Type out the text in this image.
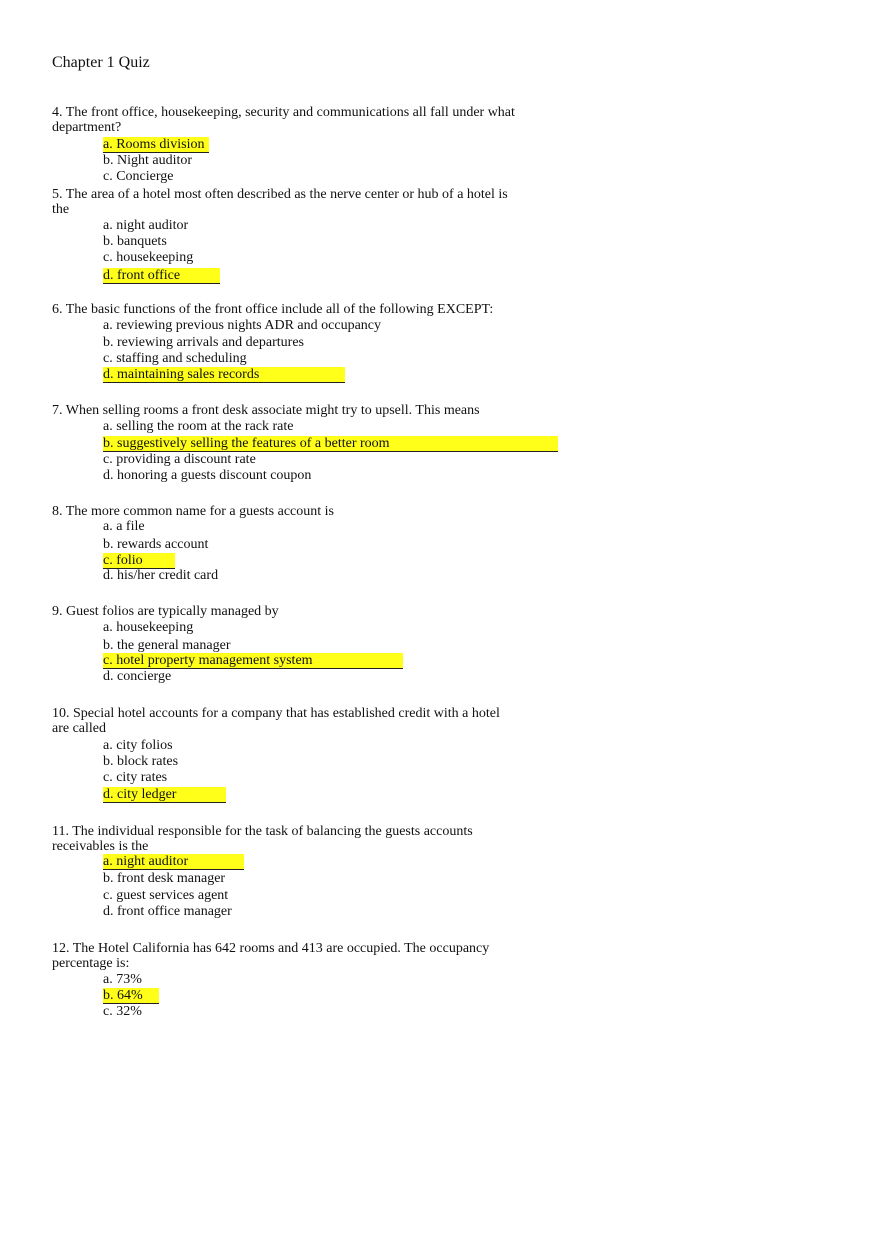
Chapter 1 Quiz
4. The front office, housekeeping, security and communications all fall under what
department?
a. Rooms division
b. Night auditor
c. Concierge
5. The area of a hotel most often described as the nerve center or hub of a hotel is
the
a. night auditor
b. banquets
c. housekeeping
d. front office
6. The basic functions of the front office include all of the following EXCEPT:
a. reviewing previous nights ADR and occupancy
b. reviewing arrivals and departures
c. staffing and scheduling
d. maintaining sales records
7. When selling rooms a front desk associate might try to upsell. This means
a. selling the room at the rack rate
b. suggestively selling the features of a better room
c. providing a discount rate
d. honoring a guests discount coupon
8. The more common name for a guests account is
a. a file
b. rewards account
c. folio
d. his/her credit card
9. Guest folios are typically managed by
a. housekeeping
b. the general manager
c. hotel property management system
d. concierge
10. Special hotel accounts for a company that has established credit with a hotel
are called
a. city folios
b. block rates
c. city rates
d. city ledger
11. The individual responsible for the task of balancing the guests accounts
receivables is the
a. night auditor
b. front desk manager
c. guest services agent
d. front office manager
12. The Hotel California has 642 rooms and 413 are occupied. The occupancy
percentage is:
a. 73%
b. 64%
c. 32%
